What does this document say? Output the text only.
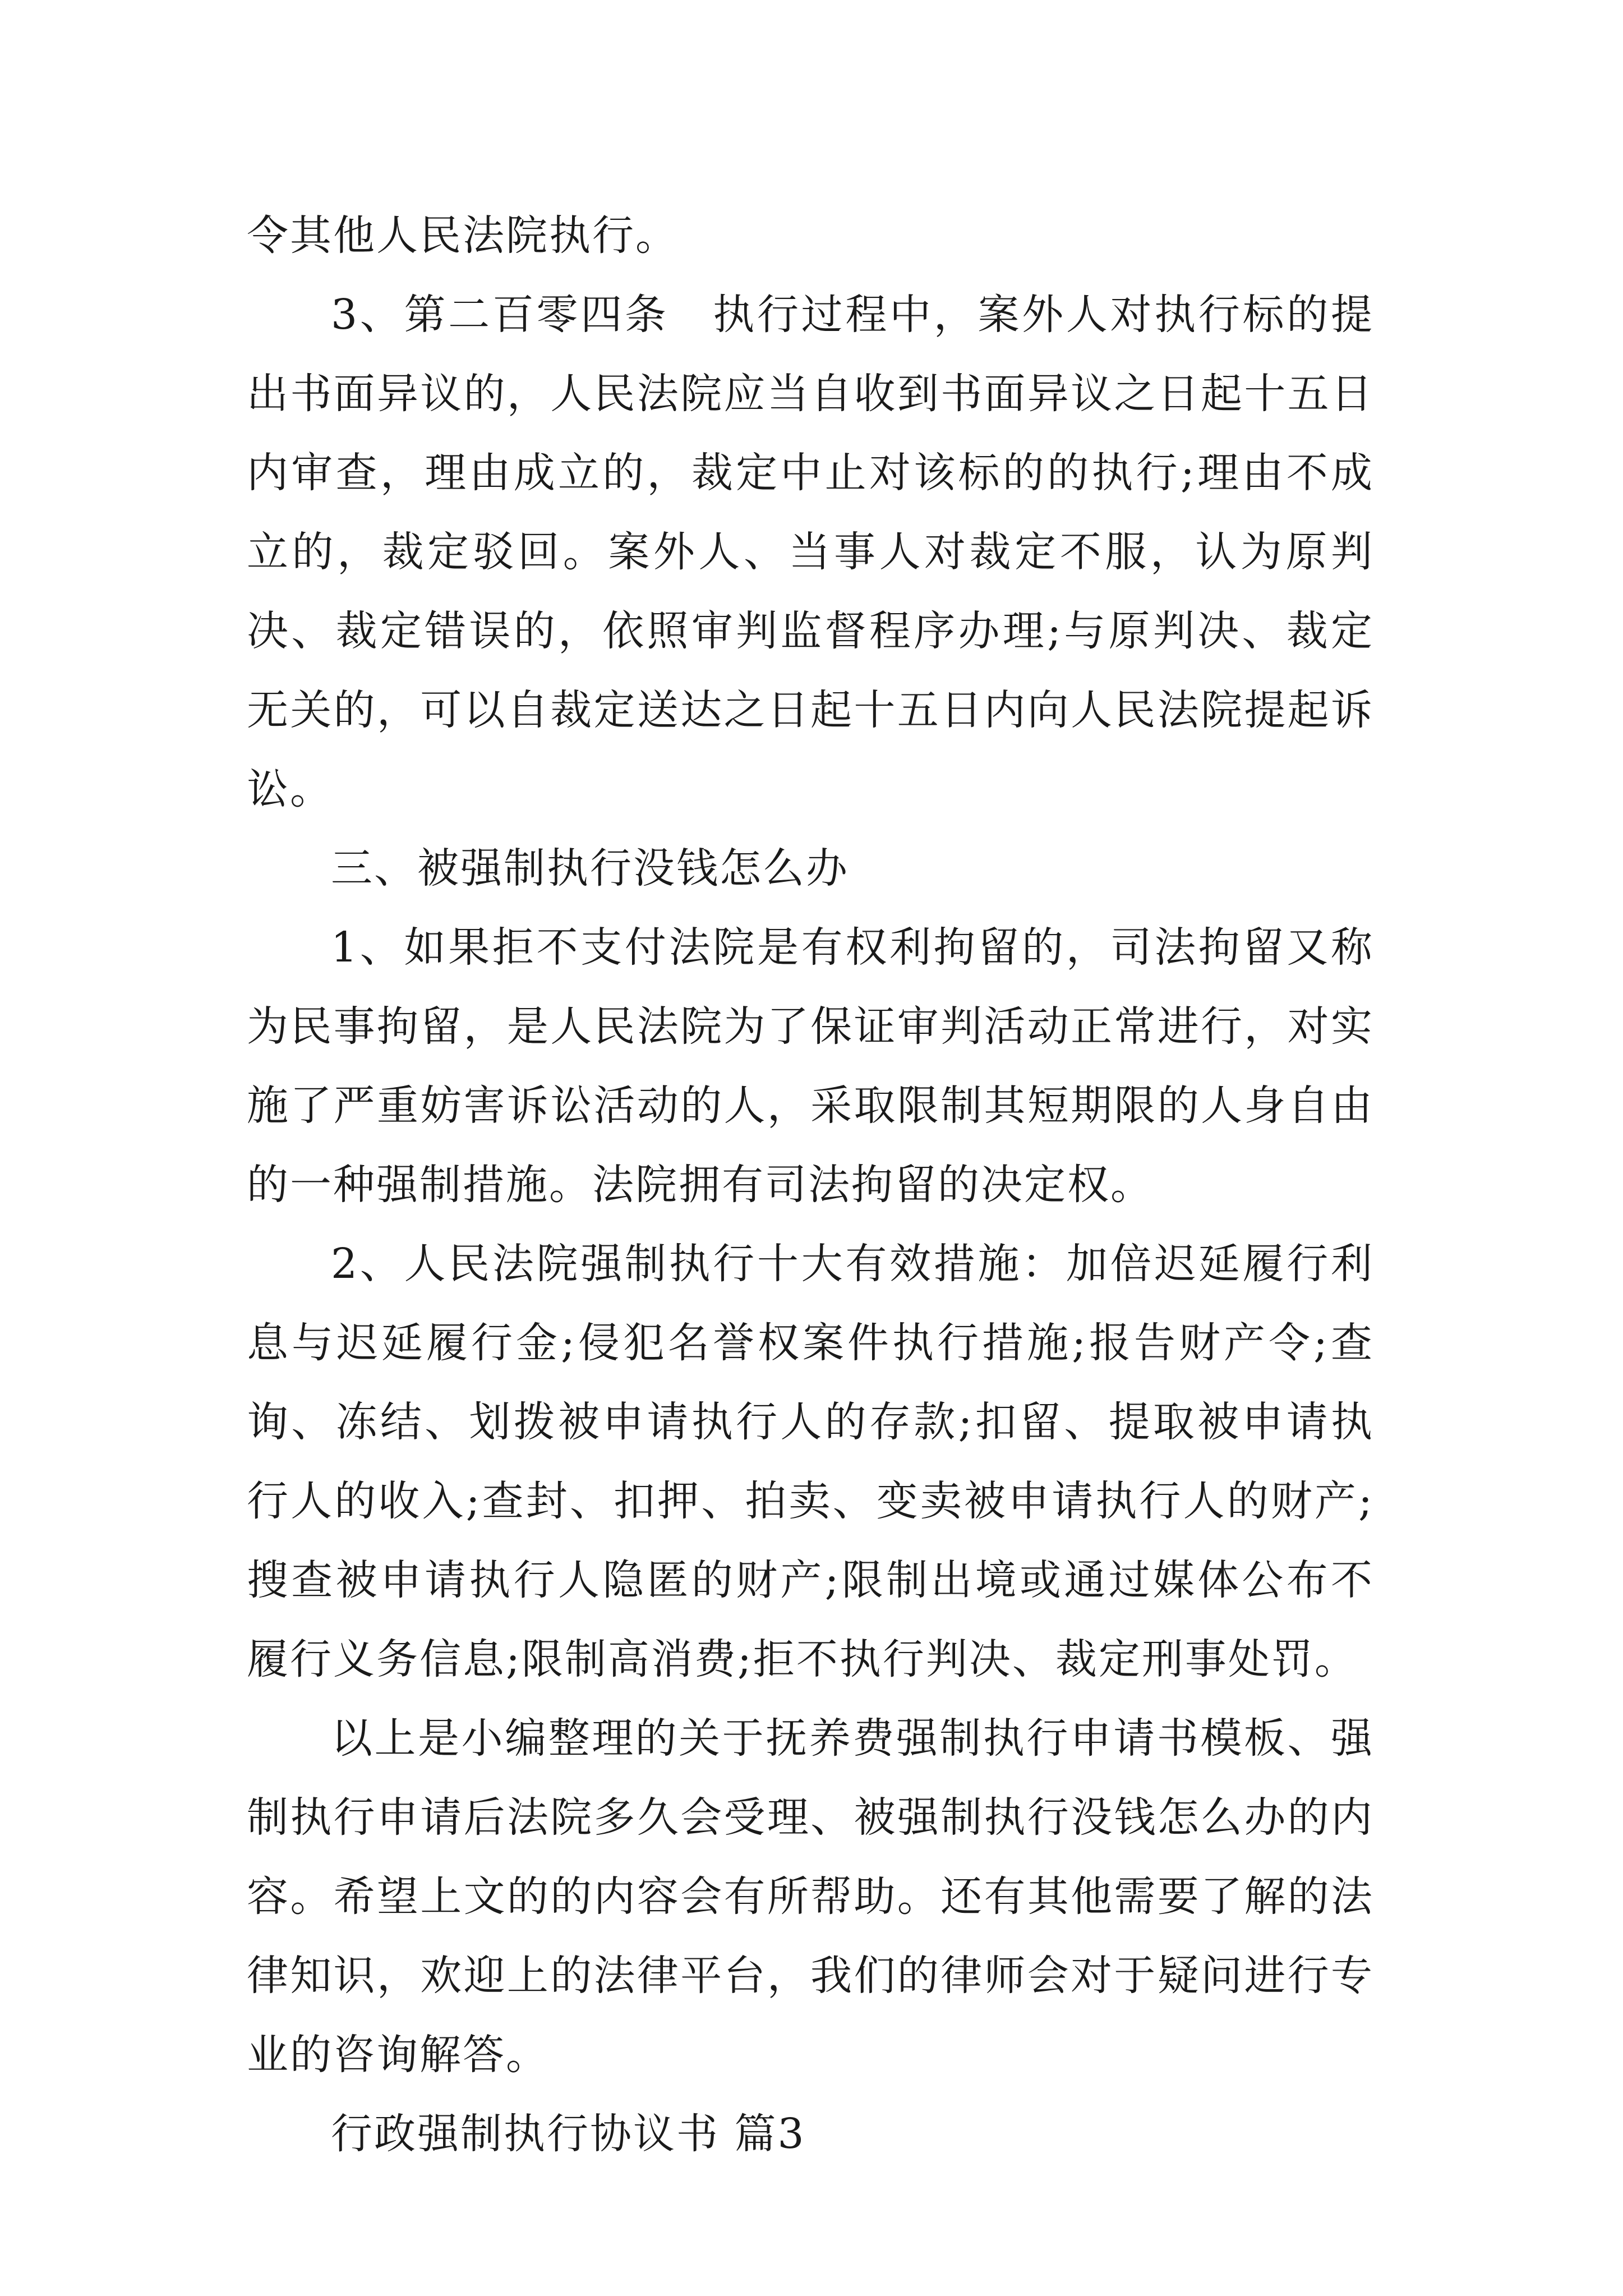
令其他人民法院执行。

3、第二百零四条　执行过程中，案外人对执行标的提出书面异议的，人民法院应当自收到书面异议之日起十五日内审查，理由成立的，裁定中止对该标的的执行;理由不成立的，裁定驳回。案外人、当事人对裁定不服，认为原判决、裁定错误的，依照审判监督程序办理;与原判决、裁定无关的，可以自裁定送达之日起十五日内向人民法院提起诉讼。

三、被强制执行没钱怎么办

1、如果拒不支付法院是有权利拘留的，司法拘留又称为民事拘留，是人民法院为了保证审判活动正常进行，对实施了严重妨害诉讼活动的人，采取限制其短期限的人身自由的一种强制措施。法院拥有司法拘留的决定权。

2、人民法院强制执行十大有效措施：加倍迟延履行利息与迟延履行金;侵犯名誉权案件执行措施;报告财产令;查询、冻结、划拨被申请执行人的存款;扣留、提取被申请执行人的收入;查封、扣押、拍卖、变卖被申请执行人的财产;搜查被申请执行人隐匿的财产;限制出境或通过媒体公布不履行义务信息;限制高消费;拒不执行判决、裁定刑事处罚。

以上是小编整理的关于抚养费强制执行申请书模板、强制执行申请后法院多久会受理、被强制执行没钱怎么办的内容。希望上文的的内容会有所帮助。还有其他需要了解的法律知识，欢迎上的法律平台，我们的律师会对于疑问进行专业的咨询解答。

行政强制执行协议书 篇3
